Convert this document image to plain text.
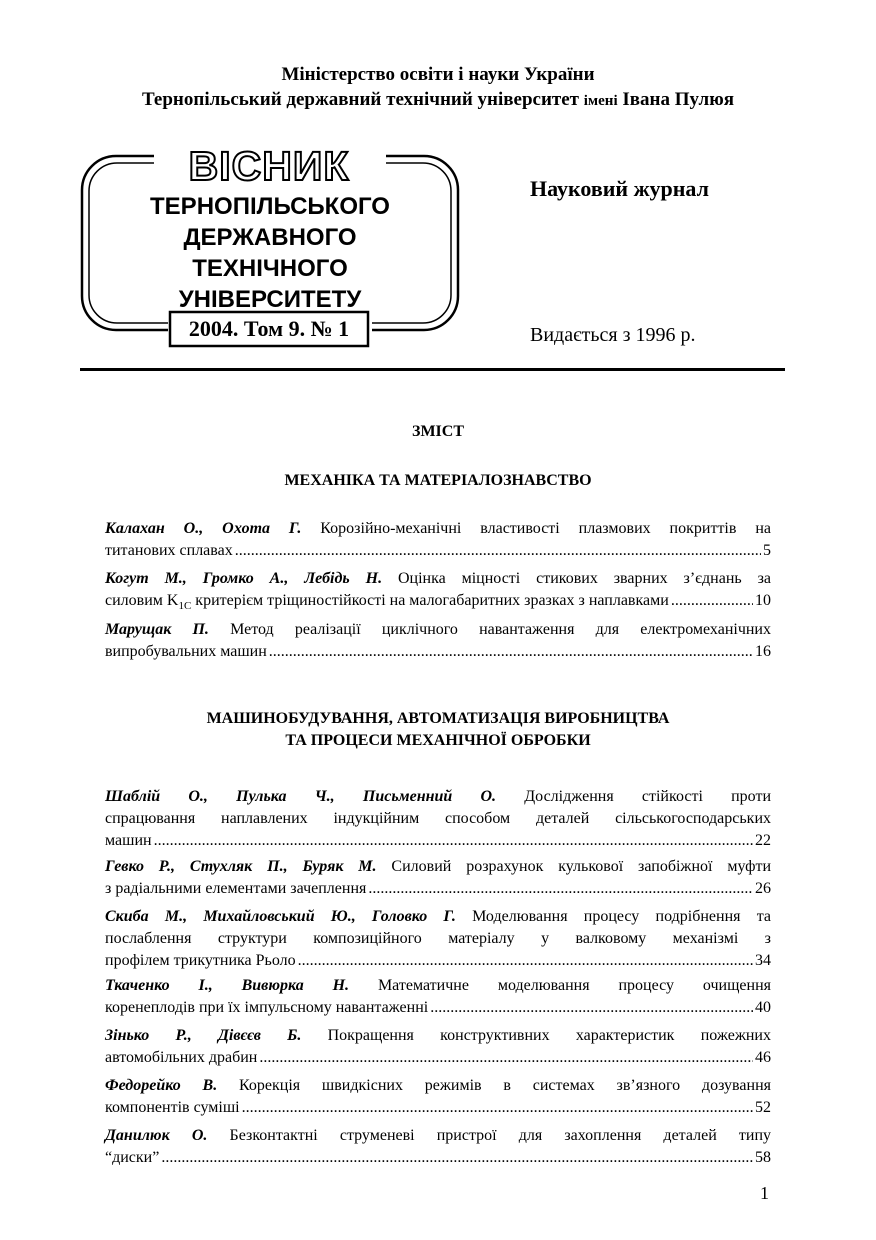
Міністерство освіти і науки України
Тернопільський державний технічний університет імені Івана Пулюя
ВІСНИК
ТЕРНОПІЛЬСЬКОГО
ДЕРЖАВНОГО
ТЕХНІЧНОГО
УНІВЕРСИТЕТУ
2004. Том 9. № 1
Науковий журнал
Видається з 1996 р.
ЗМІСТ
МЕХАНІКА ТА МАТЕРІАЛОЗНАВСТВО
Калахан О., Охота Г. Корозійно-механічні властивості плазмових покриттів на
титанових сплавах .....	5
Когут М., Громко А., Лебідь Н. Оцінка міцності стикових зварних з’єднань за
силовим $K_{1C}$ критерієм тріщиностійкості на малогабаритних зразках з наплавками .....	10
Марущак П. Метод реалізації циклічного навантаження для електромеханічних
випробувальних машин .....	16
МАШИНОБУДУВАННЯ, АВТОМАТИЗАЦІЯ ВИРОБНИЦТВА
ТА ПРОЦЕСИ МЕХАНІЧНОЇ ОБРОБКИ
Шаблій О., Пулька Ч., Письменний О. Дослідження стійкості проти
спрацювання наплавлених індукційним способом деталей сільськогосподарських
машин .....	22
Гевко Р., Стухляк П., Буряк М. Силовий розрахунок кулькової запобіжної муфти
з радіальними елементами зачеплення .....	26
Скиба М., Михайловський Ю., Головко Г. Моделювання процесу подрібнення та
послаблення структури композиційного матеріалу у валковому механізмі з
профілем трикутника Рьоло .....	34
Ткаченко І., Вивюрка Н. Математичне моделювання процесу очищення
коренеплодів при їх імпульсному навантаженні .....	40
Зінько Р., Дівєєв Б. Покращення конструктивних характеристик пожежних
автомобільних драбин .....	46
Федорейко В. Корекція швидкісних режимів в системах зв’язного дозування
компонентів суміші .....	52
Данилюк О. Безконтактні струменеві пристрої для захоплення деталей типу
“диски” .....	58
1
